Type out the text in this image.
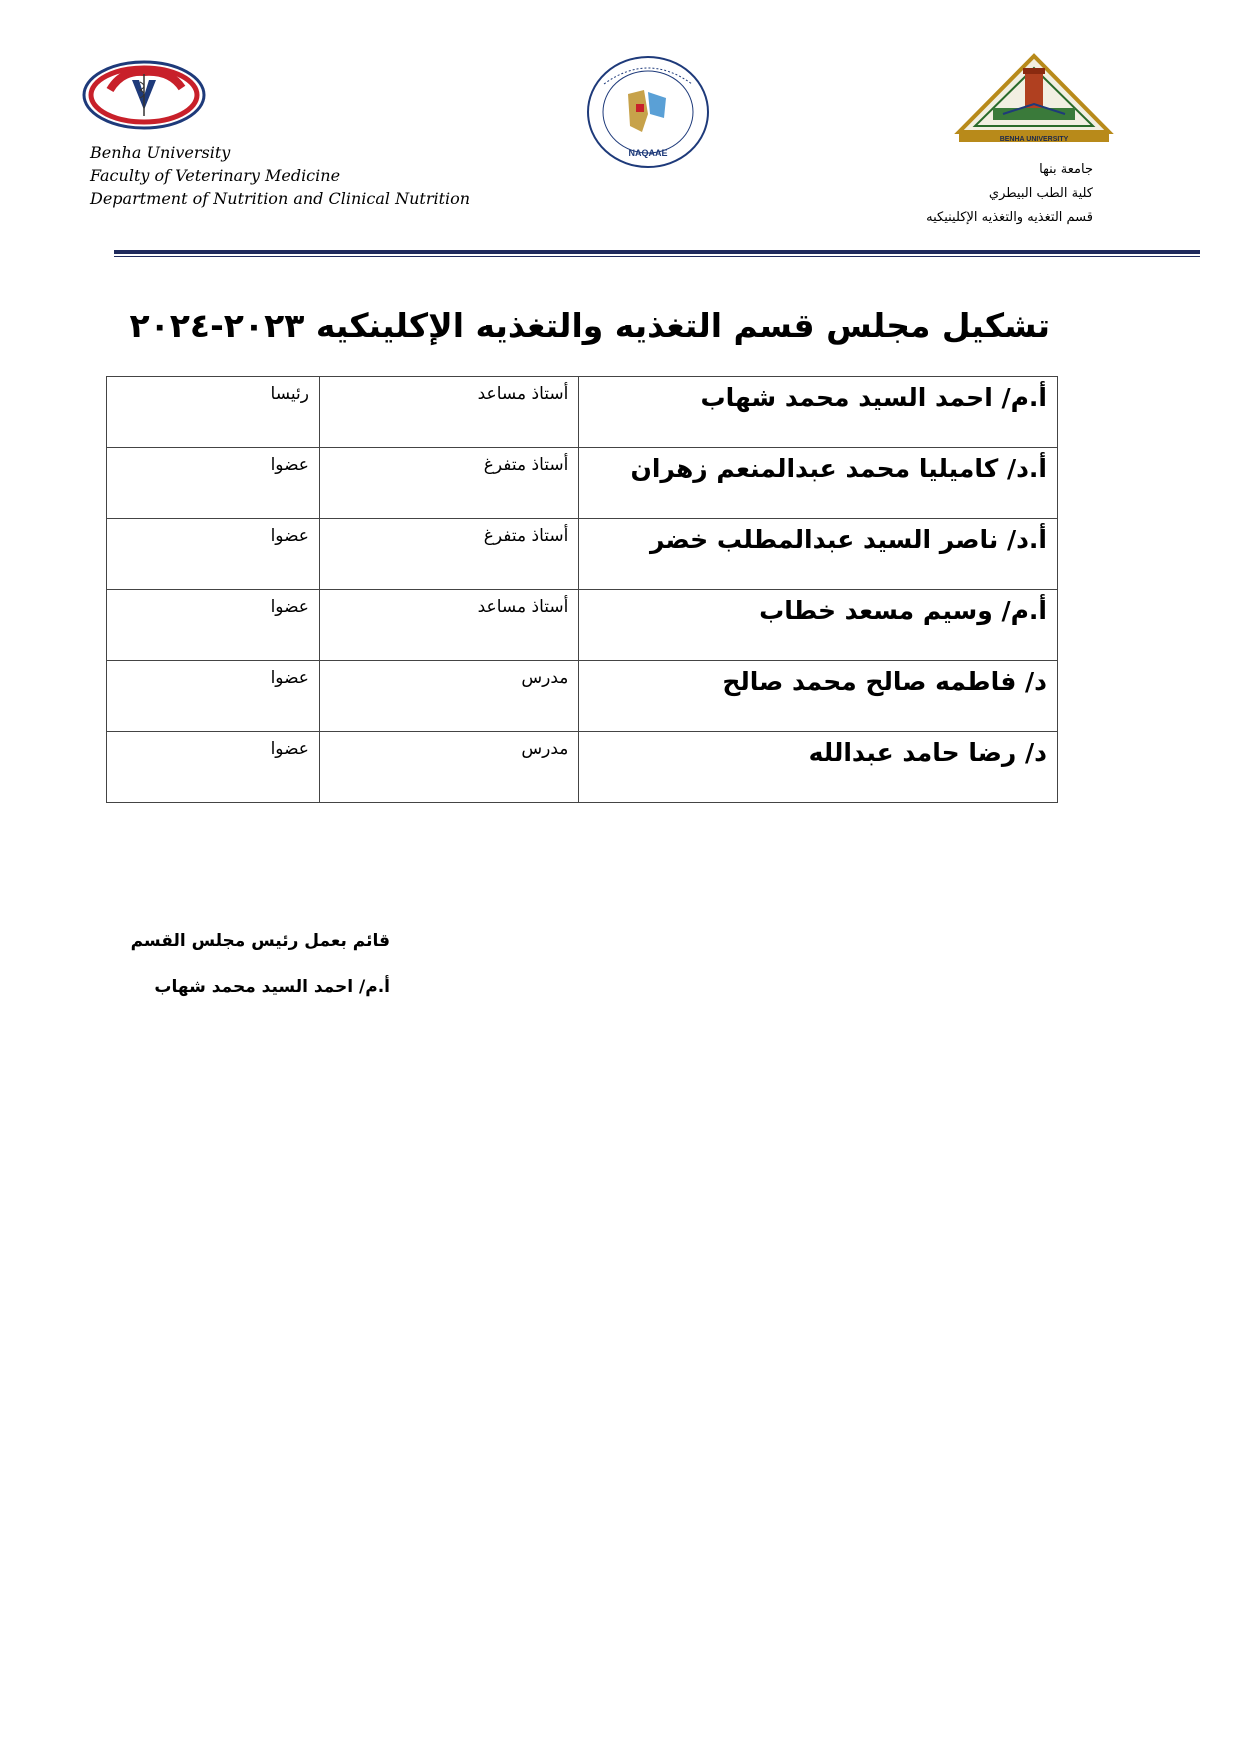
NAQAAE
BENHA UNIVERSITY
Benha University
Faculty of Veterinary Medicine
Department of Nutrition and Clinical Nutrition
جامعة بنها
كلية الطب البيطري
قسم التغذيه والتغذيه الإكلينيكيه
تشكيل مجلس قسم التغذيه والتغذيه الإكلينكيه ٢٠٢٣-٢٠٢٤
أ.م/ احمد السيد محمد شهاب	أستاذ مساعد	رئيسا
أ.د/ كاميليا محمد عبدالمنعم زهران	أستاذ متفرغ	عضوا
أ.د/ ناصر السيد عبدالمطلب خضر	أستاذ متفرغ	عضوا
أ.م/ وسيم مسعد خطاب	أستاذ مساعد	عضوا
د/ فاطمه صالح محمد صالح	مدرس	عضوا
د/ رضا حامد عبدالله	مدرس	عضوا
قائم بعمل رئيس مجلس القسم
أ.م/ احمد السيد محمد شهاب
